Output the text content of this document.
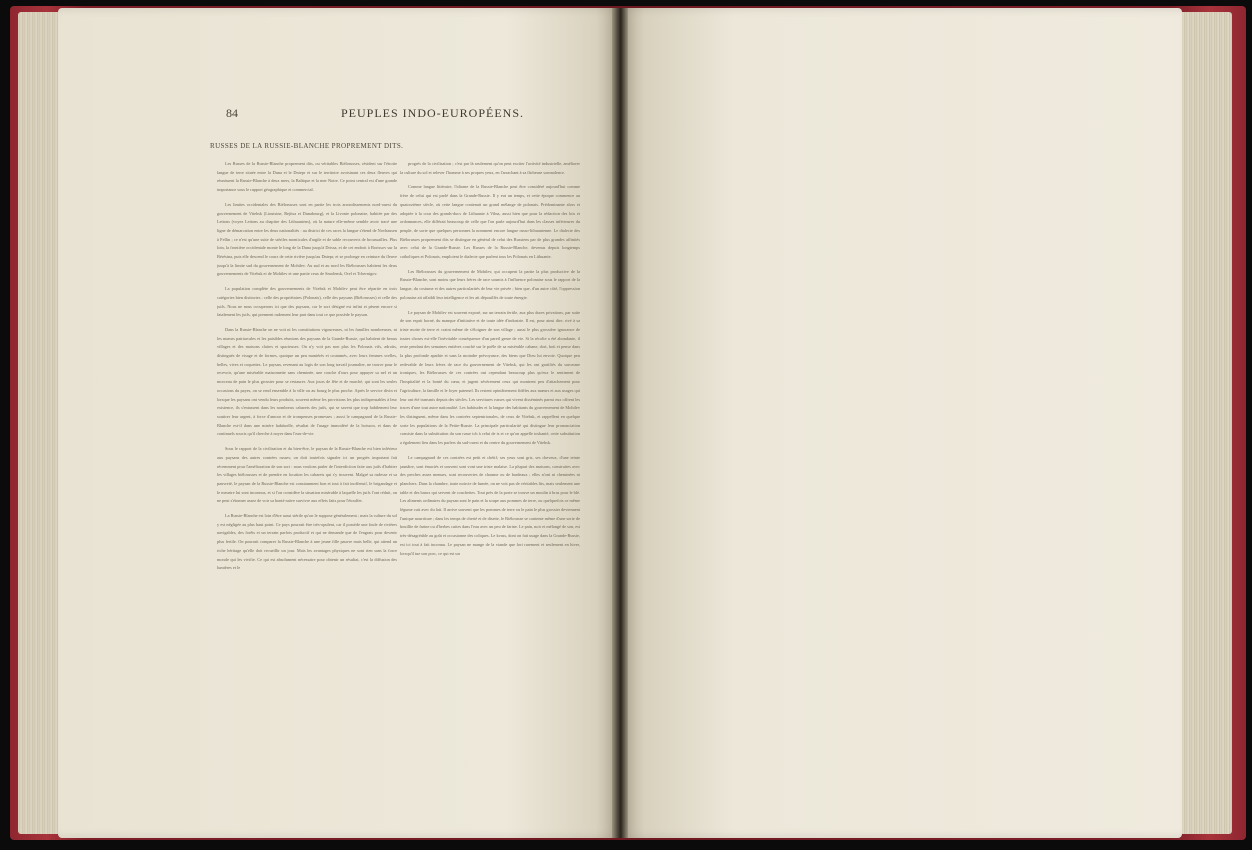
84	PEUPLES INDO-EUROPÉENS.
RUSSES DE LA RUSSIE-BLANCHE PROPREMENT DITS.

Les Russes de la Russie-Blanche proprement dits, ou véritables Biélorusses, résident sur l'étroite langue de terre située entre la Duna et le Dniepr et sur le territoire avoisinant ces deux fleuves qui réunissent la Russie-Blanche à deux mers, la Baltique et la mer Noire. Ce point central est d'une grande importance sous le rapport géographique et commercial.

Les limites occidentales des Biélorusses sont en partie les trois arrondissements nord-ouest du gouvernement de Vitebsk (Lioutsine, Rejitsa et Dunabourg), et la Livonie polonaise, habitée par des Lettons (voyez Lettons au chapitre des Lithuaniens), où la nature elle-même semble avoir tracé une ligne de démarcation entre les deux nationalités : au district de ces races la langue s'étend de Novhausen à Fellin ; ce n'est qu'une suite de stériles monticules d'argile et de sable recouverts de broussailles. Plus loin, la frontière occidentale monte le long de la Duna jusqu'à Drissa, et de cet endroit à Borissov sur la Bérésina, puis elle descend le cours de cette rivière jusqu'au Dniepr, et se prolonge en ceinture du fleuve jusqu'à la limite sud du gouvernement de Mohilev. Au sud et au nord les Biélorusses habitent les deux gouvernements de Vitebsk et de Mohilev et une partie ceux de Smolensk, Orel et Tchernigov.

La population complète des gouvernements de Vitebsk et Mohilev peut être répartie en trois catégories bien distinctes : celle des propriétaires (Polonais), celle des paysans (Biélorusses) et celle des juifs. Nous ne nous occuperons ici que des paysans, car le sort désigné est infini et pèsent encore si fatalement les juifs, qui prennent rudement leur part dans tout ce que possède le paysan.

Dans la Russie-Blanche on ne voit ni les constitutions vigoureuses, ni les familles nombreuses, ni les mœurs patriarcales et les paisibles réunions des paysans de la Grande-Russie, qui habitent de beaux villages et des maisons claires et spacieuses. On n'y voit pas non plus les Polonais vifs, adroits, distingués de visage et de formes, quoique un peu maniérés et coutumés, avec leurs femmes svelles, belles, vives et coquettes. Le paysan, revenant au logis de son long travail journalier, ne trouve pour le recevoir, qu'une misérable maisonnette sans cheminée, une couche d'ours pour appuyer sa nef et un morceau de pain le plus grossier pour se restaurer. Aux jours de fête et de marché, qui sont les seules occasions du payes, on se rend ensemble à la ville ou au bourg le plus proche. Après le service divin et lorsque les paysans ont vendu leurs produits, souvent même les provisions les plus indispensables à leur existence, ils s'entassent dans les nombreux cabarets des juifs, qui se savent que trop habilement leur soutirer leur argent, à force d'amour et de trompeuses promesses ; aussi le campagnard de la Russie-Blanche est-il dans une misère habituelle, résultat de l'usage immodéré de la boisson, et dans de continuels soucis qu'il cherche à noyer dans l'eau-de-vie.

Sous le rapport de la civilisation et du bien-être, le paysan de la Russie-Blanche est bien inférieur aux paysans des autres contrées russes; on doit toutefois signaler ici un progrès important fait récemment pour l'amélioration de son sort : nous voulons parler de l'interdiction faite aux juifs d'habiter les villages biélorusses et de prendre en location les cabarets qui s'y trouvent. Malgré sa rudesse et sa pauvreté, le paysan de la Russie-Blanche est constamment bon et tout à fait inoffensif, le brigandage et le meurtre lui sont inconnus, et si l'on considère la situation misérable à laquelle les juifs l'ont réduit, on ne peut s'étonner assez de voir sa bonté naïve survivre aux effets faits pour l'étouffer.

La Russie-Blanche est loin d'être aussi stérile qu'on le suppose généralement ; mais la culture du sol y est négligée au plus haut point. Ce pays pourrait être très-opulent, car il possède une foule de rivières navigables, des forêts et un terrain parfois productif et qui ne demande que de l'engrais pour devenir plus fertile. On pourrait comparer la Russie-Blanche à une jeune fille pauvre mais belle, qui attend un riche héritage qu'elle doit recueillir un jour. Mais les avantages physiques ne sont rien sans la force morale qui les vivifie. Ce qui est absolument nécessaire pour obtenir un résultat, c'est la diffusion des lumières et le

progrès de la civilisation ; c'est par là seulement qu'on peut exciter l'activité industrielle, améliorer la culture du sol et relever l'homme à ses propres yeux, en l'arrachant à sa fâcheuse somnolence.

Comme langue littéraire, l'idiome de la Russie-Blanche peut être considéré aujourd'hui comme frère de celui qui est parlé dans la Grande-Russie. Il y eut un temps, et cette époque commence au quatorzième siècle, où cette langue contenait un grand mélange de polonais. Prédominante alors et adoptée à la cour des grands-ducs de Lithuanie à Vilna, aussi bien que pour la rédaction des lois et ordonnances, elle différait beaucoup de celle que l'on parle aujourd'hui dans les classes inférieures du peuple, de sorte que quelques personnes la nomment encore langue russo-lithuanienne. Le dialecte des Biélorusses proprement dits se distingue en général de celui des Russiens par de plus grandes affinités avec celui de la Grande-Russie. Les Russes de la Russie-Blanche, devenus depuis longtemps catholiques et Polonais, emploient le dialecte que parlent tous les Polonais en Lithuanie.

Les Biélorusses du gouvernement de Mohilev, qui occupent la partie la plus productive de la Russie-Blanche, sont moins que leurs frères de race soumis à l'influence polonaise sous le rapport de la langue, du costume et des autres particularités de leur vie privée ; bien que, d'un autre côté, l'oppression polonaise ait affaibli leur intelligence et les ait dépouillés de toute énergie.

Le paysan de Mohilev est souvent exposé, sur un terrain fertile, aux plus dures privations, par suite de son esprit borné, du manque d'initiative et de toute idée d'industrie. Il est, pour ainsi dire, rivé à sa triste motte de terre et craint même de s'éloigner de son village ; aussi le plus grossière ignorance de toutes choses est-elle l'inévitable conséquence d'un pareil genre de vie. Si la récolte a été abondante, il reste pendant des semaines entières couché sur le poêle de sa misérable cabane, dort, boit et pense dans la plus profonde apathie et sans la moindre prévoyance, des biens que Dieu lui envoie. Quoique peu redevable de leurs frères de race du gouvernement de Vitebsk, qui les ont gratifiés du sarcasme ironiques, les Biélorusses de ces contrées ont cependant beaucoup plus qu'eux le sentiment de l'hospitalité et la bonté du cœur, et jugent sévèrement ceux qui montrent peu d'attachement pour l'agriculture, la famille et le foyer paternel. Ils restent opiniâtrement fidèles aux mœurs et aux usages qui leur ont été transmis depuis des siècles. Les servitures russes qui vivent disséminés parmi eux offrent les traces d'une tout autre nationalité. Les habitudes et la langue des habitants du gouvernement de Mohilev les distinguent, même dans les contrées septentrionales, de ceux de Vitebsk, et rappellent en quelque sorte les populations de la Petite-Russie. La principale particularité qui distingue leur prononciation consiste dans la substitution du son russe tch à celui de ts et ce qu'on appelle toskanié, cette substitution a également lieu dans les parlers du sud-ouest et du centre du gouvernement de Vitebsk.

Le campagnard de ces contrées est petit et chétif; ses yeux sont gris, ses cheveux, d'une teinte jaunâtre, sont émaciés et souvent sont vont une triste malaise. La plupart des maisons, construites avec des perches assez menues, sont recouvertes de chaume ou de bardeaux ; elles n'ont ni cheminées ni planchers. Dans la chambre, toute noircie de fumée, on ne voit pas de véritables lits, mais seulement une table et des bancs qui servent de couchettes. Tout près de la porte se trouve un moulin à bras pour le blé. Les aliments ordinaires du paysan sont le pain et la soupe aux pommes de terre, ou quelquefois ce même légume cuit avec du lait. Il arrive souvent que les pommes de terre ou le pain le plus grossier deviennent l'unique nourriture ; dans les temps de cherté et de disette, le Biélorusse se contente même d'une sorte de bouillie de farine ou d'herbes cuites dans l'eau avec un peu de farine. Le pain, noir et mélangé de son, est très-désagréable au goût et occasionne des coliques. Le kvass, dont on fait usage dans la Grande-Russie, est ici tout à fait inconnu. Le paysan ne mange de la viande que fort rarement et seulement en hiver, lorsqu'il tue son porc, ce qui est un
